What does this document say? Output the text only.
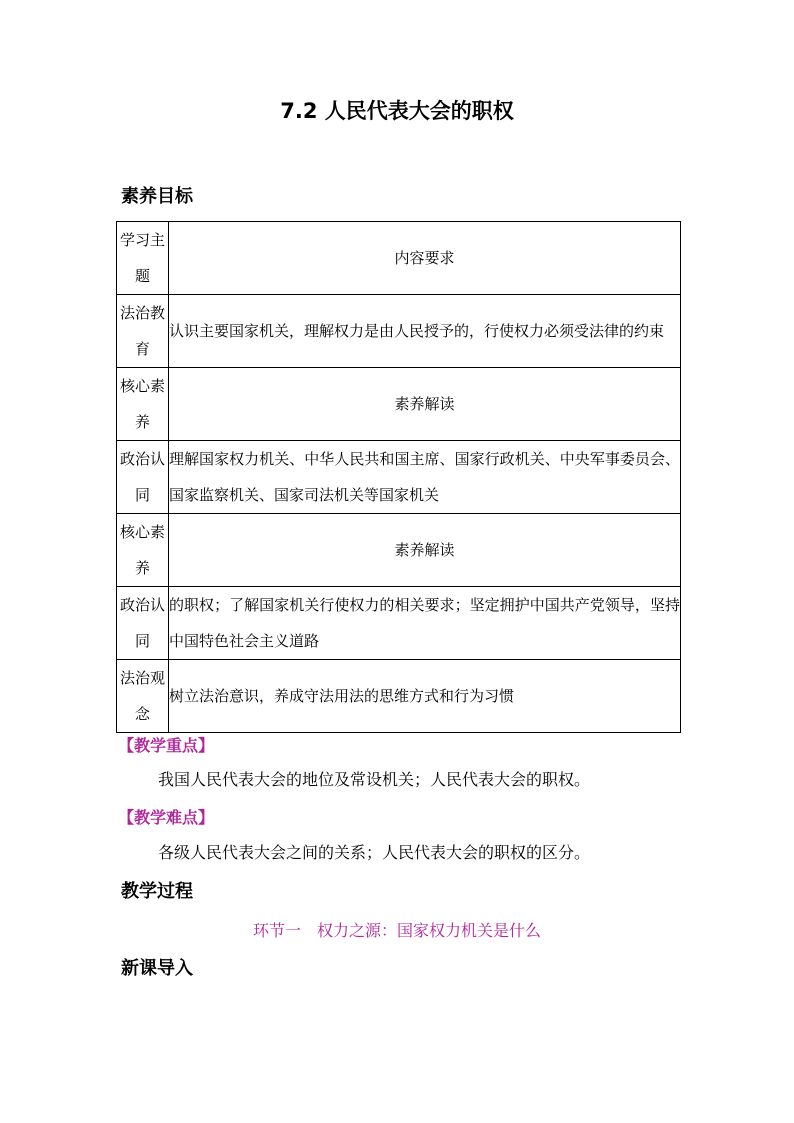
7.2 人民代表大会的职权
素养目标
学习主题	内容要求
法治教育	认识主要国家机关，理解权力是由人民授予的，行使权力必须受法律的约束
核心素养	素养解读
政治认同	理解国家权力机关、中华人民共和国主席、国家行政机关、中央军事委员会、国家监察机关、国家司法机关等国家机关
核心素养	素养解读
政治认同	的职权；了解国家机关行使权力的相关要求；坚定拥护中国共产党领导，坚持中国特色社会主义道路
法治观念	树立法治意识，养成守法用法的思维方式和行为习惯
【教学重点】
我国人民代表大会的地位及常设机关；人民代表大会的职权。
【教学难点】
各级人民代表大会之间的关系；人民代表大会的职权的区分。
教学过程
环节一　权力之源：国家权力机关是什么
新课导入
